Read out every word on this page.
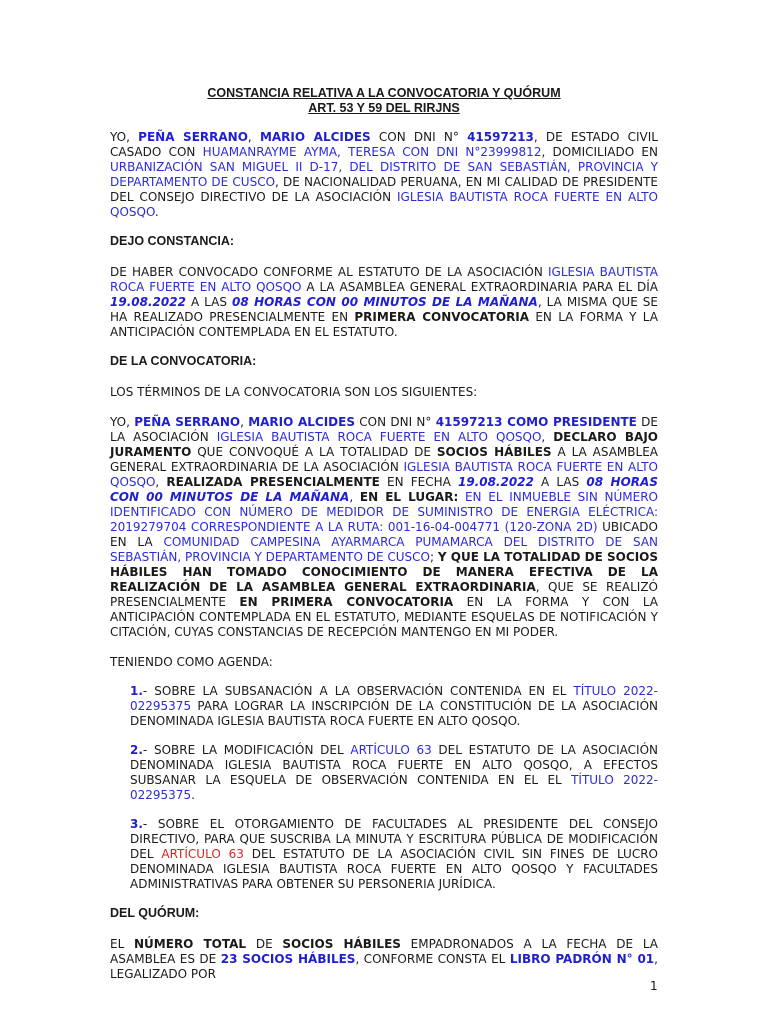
CONSTANCIA RELATIVA A LA CONVOCATORIA Y QUÓRUM
ART. 53 Y 59 DEL RIRJNS

YO, PEÑA SERRANO, MARIO ALCIDES CON DNI N° 41597213, DE ESTADO CIVIL CASADO CON HUAMANRAYME AYMA, TERESA CON DNI N°23999812, DOMICILIADO EN URBANIZACIÓN SAN MIGUEL II D-17, DEL DISTRITO DE SAN SEBASTIÁN, PROVINCIA Y DEPARTAMENTO DE CUSCO, DE NACIONALIDAD PERUANA, EN MI CALIDAD DE PRESIDENTE DEL CONSEJO DIRECTIVO DE LA ASOCIACIÓN IGLESIA BAUTISTA ROCA FUERTE EN ALTO QOSQO.

DEJO CONSTANCIA:

DE HABER CONVOCADO CONFORME AL ESTATUTO DE LA ASOCIACIÓN IGLESIA BAUTISTA ROCA FUERTE EN ALTO QOSQO A LA ASAMBLEA GENERAL EXTRAORDINARIA PARA EL DÍA 19.08.2022 A LAS 08 HORAS CON 00 MINUTOS DE LA MAÑANA, LA MISMA QUE SE HA REALIZADO PRESENCIALMENTE EN PRIMERA CONVOCATORIA EN LA FORMA Y LA ANTICIPACIÓN CONTEMPLADA EN EL ESTATUTO.

DE LA CONVOCATORIA:

LOS TÉRMINOS DE LA CONVOCATORIA SON LOS SIGUIENTES:

YO, PEÑA SERRANO, MARIO ALCIDES CON DNI N° 41597213 COMO PRESIDENTE DE LA ASOCIACIÓN IGLESIA BAUTISTA ROCA FUERTE EN ALTO QOSQO, DECLARO BAJO JURAMENTO QUE CONVOQUÉ A LA TOTALIDAD DE SOCIOS HÁBILES A LA ASAMBLEA GENERAL EXTRAORDINARIA DE LA ASOCIACIÓN IGLESIA BAUTISTA ROCA FUERTE EN ALTO QOSQO, REALIZADA PRESENCIALMENTE EN FECHA 19.08.2022 A LAS 08 HORAS CON 00 MINUTOS DE LA MAÑANA, EN EL LUGAR: EN EL INMUEBLE SIN NÚMERO IDENTIFICADO CON NÚMERO DE MEDIDOR DE SUMINISTRO DE ENERGIA ELÉCTRICA: 2019279704 CORRESPONDIENTE A LA RUTA: 001-16-04-004771 (120-ZONA 2D) UBICADO EN LA COMUNIDAD CAMPESINA AYARMARCA PUMAMARCA DEL DISTRITO DE SAN SEBASTIÁN, PROVINCIA Y DEPARTAMENTO DE CUSCO; Y QUE LA TOTALIDAD DE SOCIOS HÁBILES HAN TOMADO CONOCIMIENTO DE MANERA EFECTIVA DE LA REALIZACIÓN DE LA ASAMBLEA GENERAL EXTRAORDINARIA, QUE SE REALIZÓ PRESENCIALMENTE EN PRIMERA CONVOCATORIA EN LA FORMA Y CON LA ANTICIPACIÓN CONTEMPLADA EN EL ESTATUTO, MEDIANTE ESQUELAS DE NOTIFICACIÓN Y CITACIÓN, CUYAS CONSTANCIAS DE RECEPCIÓN MANTENGO EN MI PODER.

TENIENDO COMO AGENDA:

1.- SOBRE LA SUBSANACIÓN A LA OBSERVACIÓN CONTENIDA EN EL TÍTULO 2022-02295375 PARA LOGRAR LA INSCRIPCIÓN DE LA CONSTITUCIÓN DE LA ASOCIACIÓN DENOMINADA IGLESIA BAUTISTA ROCA FUERTE EN ALTO QOSQO.

2.- SOBRE LA MODIFICACIÓN DEL ARTÍCULO 63 DEL ESTATUTO DE LA ASOCIACIÓN DENOMINADA IGLESIA BAUTISTA ROCA FUERTE EN ALTO QOSQO, A EFECTOS SUBSANAR LA ESQUELA DE OBSERVACIÓN CONTENIDA EN EL EL TÍTULO 2022-02295375.

3.- SOBRE EL OTORGAMIENTO DE FACULTADES AL PRESIDENTE DEL CONSEJO DIRECTIVO, PARA QUE SUSCRIBA LA MINUTA Y ESCRITURA PÚBLICA DE MODIFICACIÓN DEL ARTÍCULO 63 DEL ESTATUTO DE LA ASOCIACIÓN CIVIL SIN FINES DE LUCRO DENOMINADA IGLESIA BAUTISTA ROCA FUERTE EN ALTO QOSQO Y FACULTADES ADMINISTRATIVAS PARA OBTENER SU PERSONERIA JURÍDICA.

DEL QUÓRUM:

EL NÚMERO TOTAL DE SOCIOS HÁBILES EMPADRONADOS A LA FECHA DE LA ASAMBLEA ES DE 23 SOCIOS HÁBILES, CONFORME CONSTA EL LIBRO PADRÓN N° 01, LEGALIZADO POR

1
